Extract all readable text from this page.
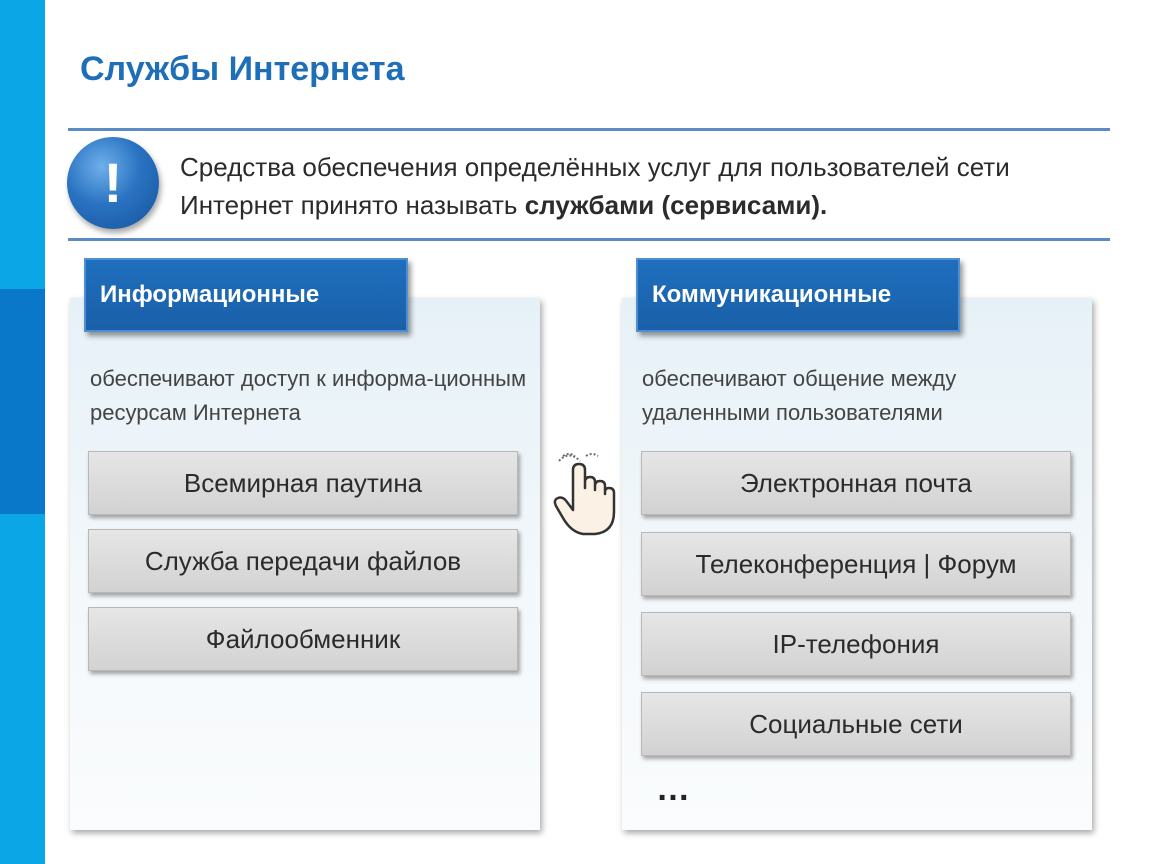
Службы Интернета
! Средства обеспечения определённых услуг для пользователей сети Интернет принято называть службами (сервисами).
Информационные
обеспечивают доступ к информа-ционным ресурсам Интернета
Всемирная паутина
Служба передачи файлов
Файлообменник
Коммуникационные
обеспечивают общение между удаленными пользователями
Электронная почта
Телеконференция | Форум
IP-телефония
Социальные сети
…
